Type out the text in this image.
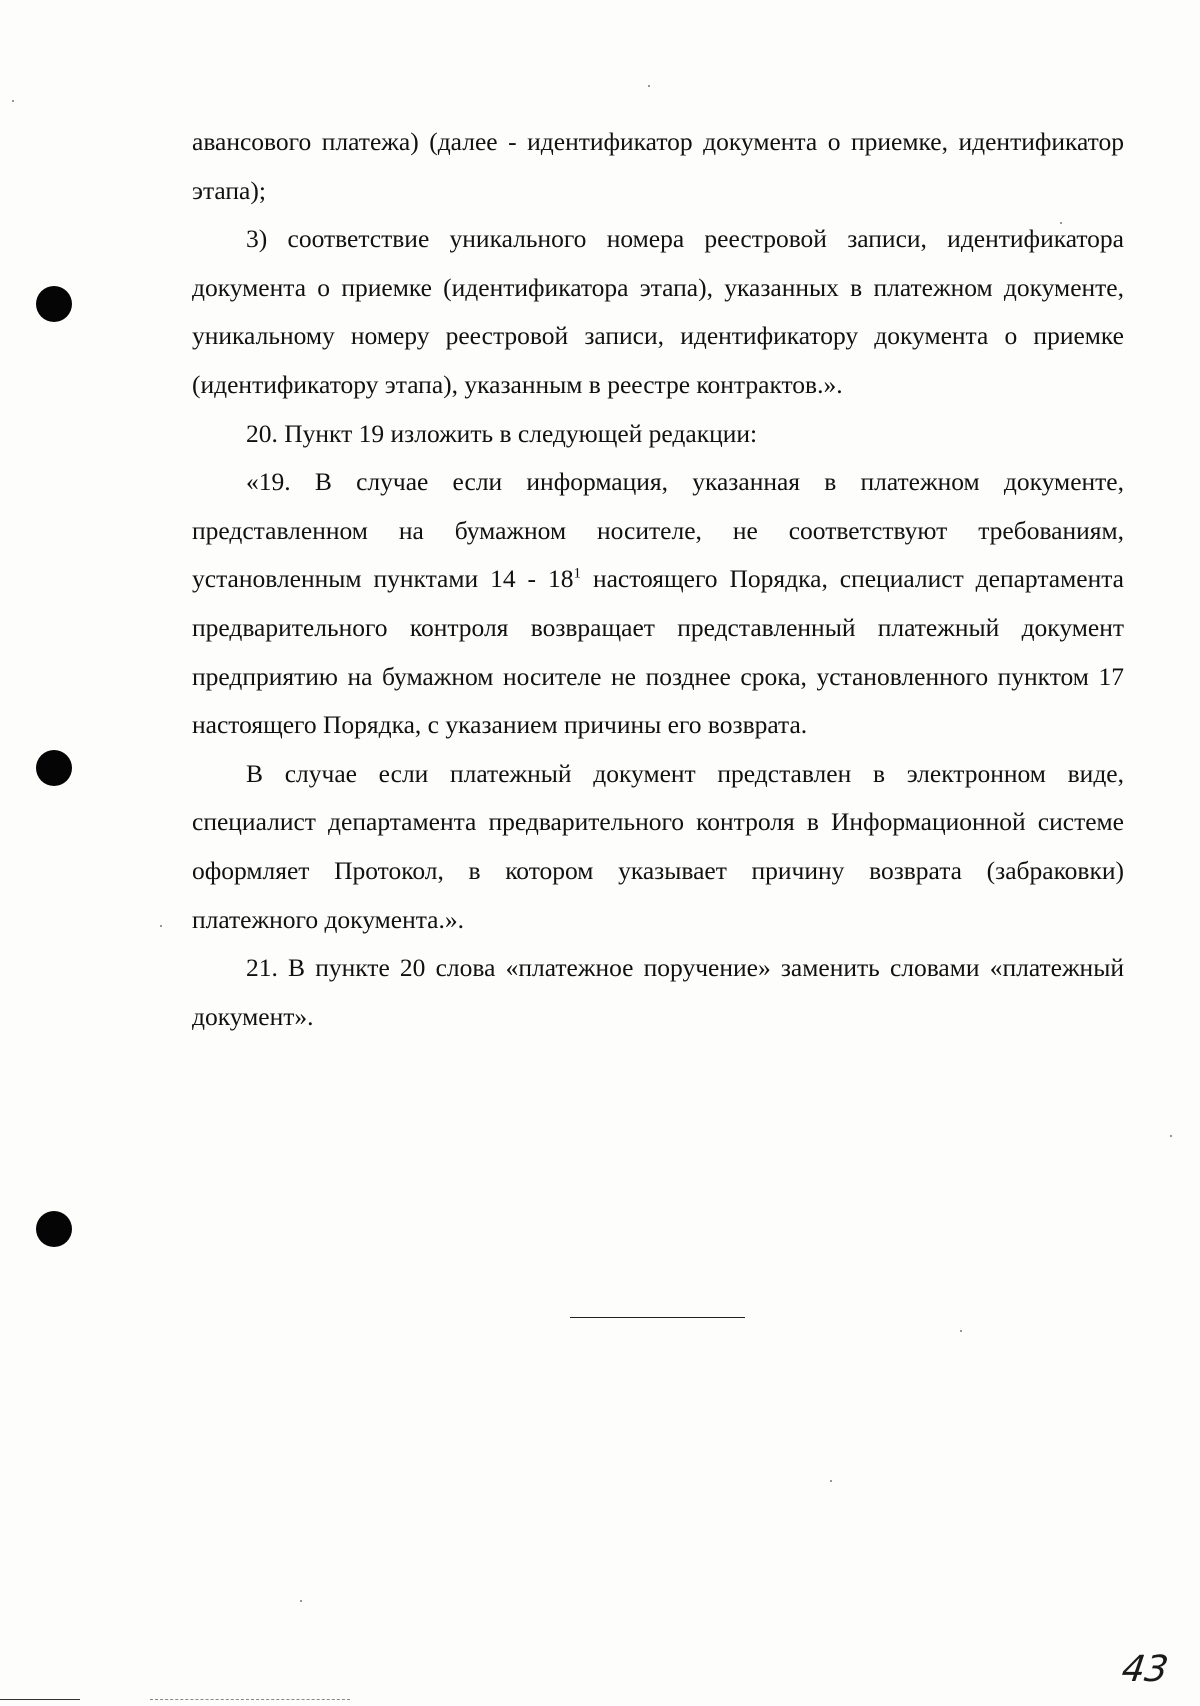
авансового платежа) (далее - идентификатор документа о приемке, идентификатор этапа);

3) соответствие уникального номера реестровой записи, идентификатора документа о приемке (идентификатора этапа), указанных в платежном документе, уникальному номеру реестровой записи, идентификатору документа о приемке (идентификатору этапа), указанным в реестре контрактов.».

20. Пункт 19 изложить в следующей редакции:

«19. В случае если информация, указанная в платежном документе, представленном на бумажном носителе, не соответствуют требованиям, установленным пунктами $14 - 18^1$ настоящего Порядка, специалист департамента предварительного контроля возвращает представленный платежный документ предприятию на бумажном носителе не позднее срока, установленного пунктом 17 настоящего Порядка, с указанием причины его возврата.

В случае если платежный документ представлен в электронном виде, специалист департамента предварительного контроля в Информационной системе оформляет Протокол, в котором указывает причину возврата (забраковки) платежного документа.».

21. В пункте 20 слова «платежное поручение» заменить словами «платежный документ».

43
